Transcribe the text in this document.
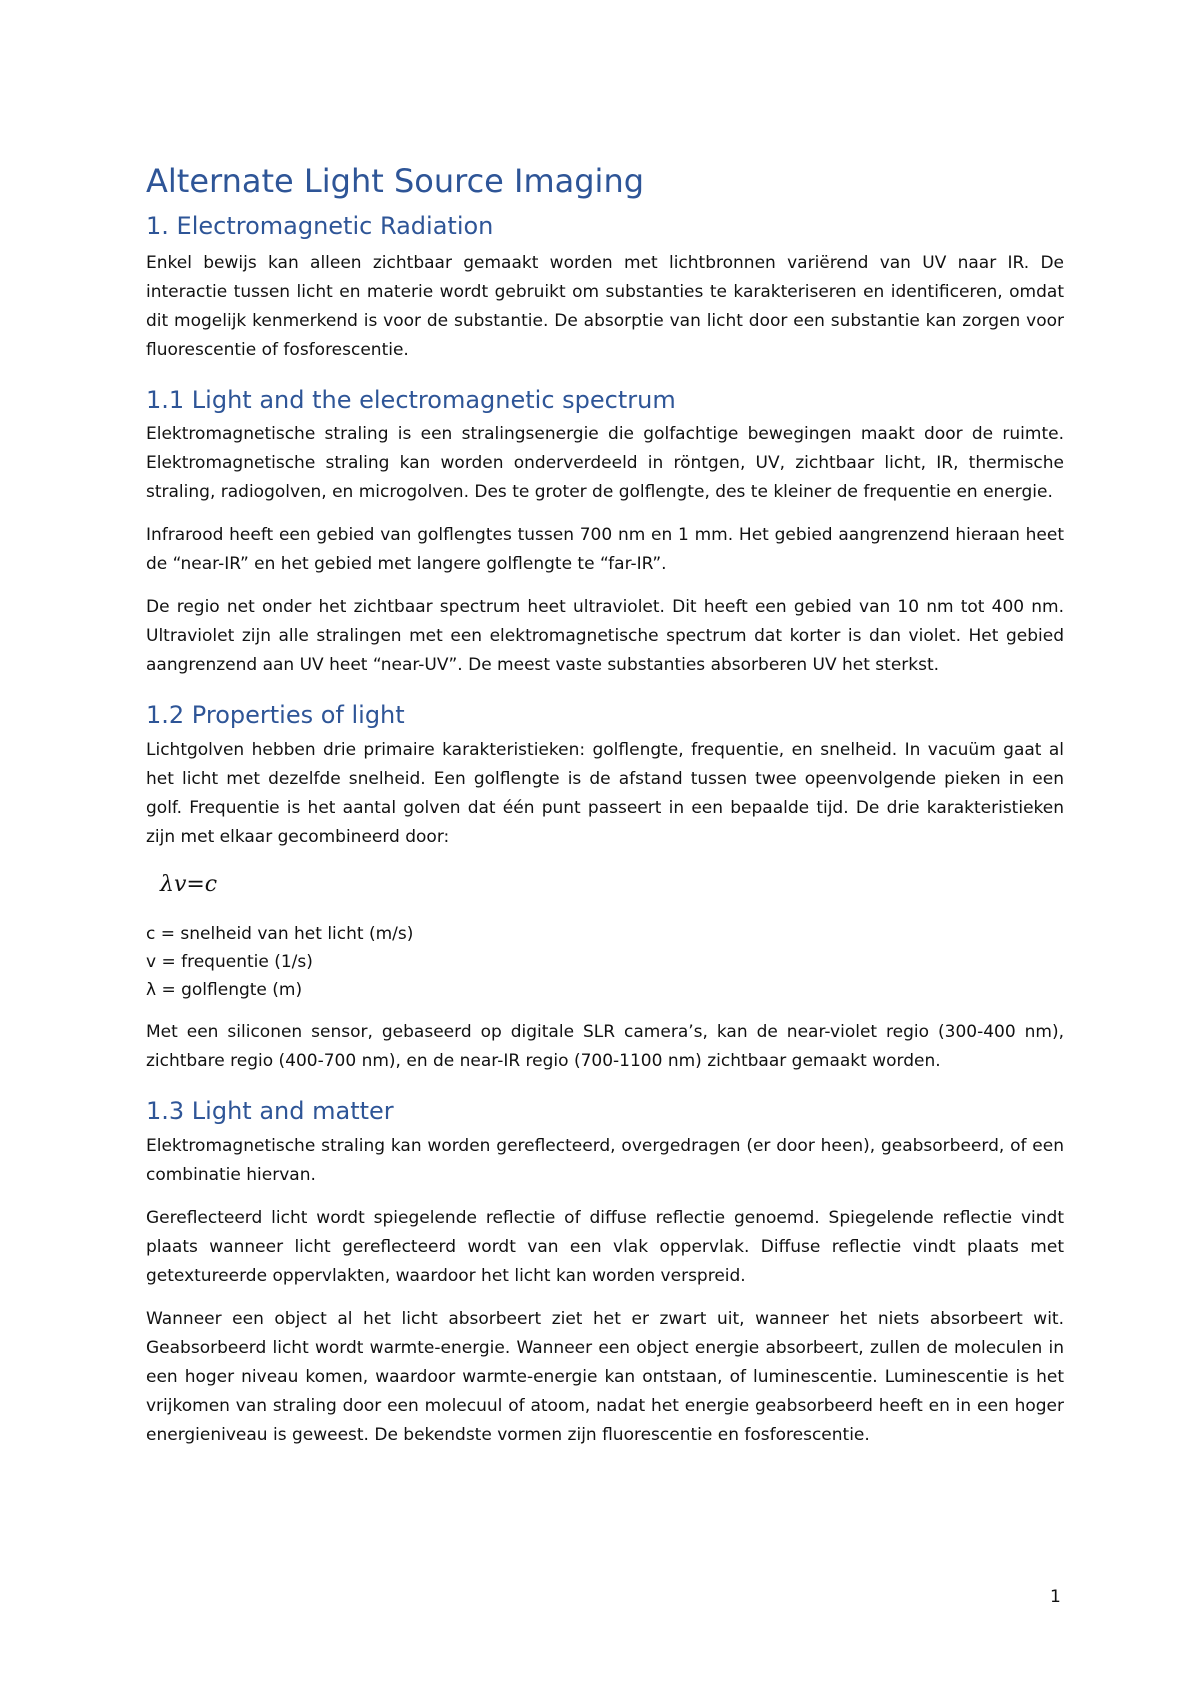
Alternate Light Source Imaging
1. Electromagnetic Radiation

Enkel bewijs kan alleen zichtbaar gemaakt worden met lichtbronnen variërend van UV naar IR. De interactie tussen licht en materie wordt gebruikt om substanties te karakteriseren en identificeren, omdat dit mogelijk kenmerkend is voor de substantie. De absorptie van licht door een substantie kan zorgen voor fluorescentie of fosforescentie.

1.1 Light and the electromagnetic spectrum

Elektromagnetische straling is een stralingsenergie die golfachtige bewegingen maakt door de ruimte. Elektromagnetische straling kan worden onderverdeeld in röntgen, UV, zichtbaar licht, IR, thermische straling, radiogolven, en microgolven. Des te groter de golflengte, des te kleiner de frequentie en energie.

Infrarood heeft een gebied van golflengtes tussen 700 nm en 1 mm. Het gebied aangrenzend hieraan heet de “near-IR” en het gebied met langere golflengte te “far-IR”.

De regio net onder het zichtbaar spectrum heet ultraviolet. Dit heeft een gebied van 10 nm tot 400 nm. Ultraviolet zijn alle stralingen met een elektromagnetische spectrum dat korter is dan violet. Het gebied aangrenzend aan UV heet “near-UV”. De meest vaste substanties absorberen UV het sterkst.

1.2 Properties of light

Lichtgolven hebben drie primaire karakteristieken: golflengte, frequentie, en snelheid. In vacuüm gaat al het licht met dezelfde snelheid. Een golflengte is de afstand tussen twee opeenvolgende pieken in een golf. Frequentie is het aantal golven dat één punt passeert in een bepaalde tijd. De drie karakteristieken zijn met elkaar gecombineerd door:

λv=c

c = snelheid van het licht (m/s)

v = frequentie (1/s)

λ = golflengte (m)

Met een siliconen sensor, gebaseerd op digitale SLR camera’s, kan de near-violet regio (300-400 nm), zichtbare regio (400-700 nm), en de near-IR regio (700-1100 nm) zichtbaar gemaakt worden.

1.3 Light and matter

Elektromagnetische straling kan worden gereflecteerd, overgedragen (er door heen), geabsorbeerd, of een combinatie hiervan.

Gereflecteerd licht wordt spiegelende reflectie of diffuse reflectie genoemd. Spiegelende reflectie vindt plaats wanneer licht gereflecteerd wordt van een vlak oppervlak. Diffuse reflectie vindt plaats met getextureerde oppervlakten, waardoor het licht kan worden verspreid.

Wanneer een object al het licht absorbeert ziet het er zwart uit, wanneer het niets absorbeert wit. Geabsorbeerd licht wordt warmte-energie. Wanneer een object energie absorbeert, zullen de moleculen in een hoger niveau komen, waardoor warmte-energie kan ontstaan, of luminescentie. Luminescentie is het vrijkomen van straling door een molecuul of atoom, nadat het energie geabsorbeerd heeft en in een hoger energieniveau is geweest. De bekendste vormen zijn fluorescentie en fosforescentie.

1
